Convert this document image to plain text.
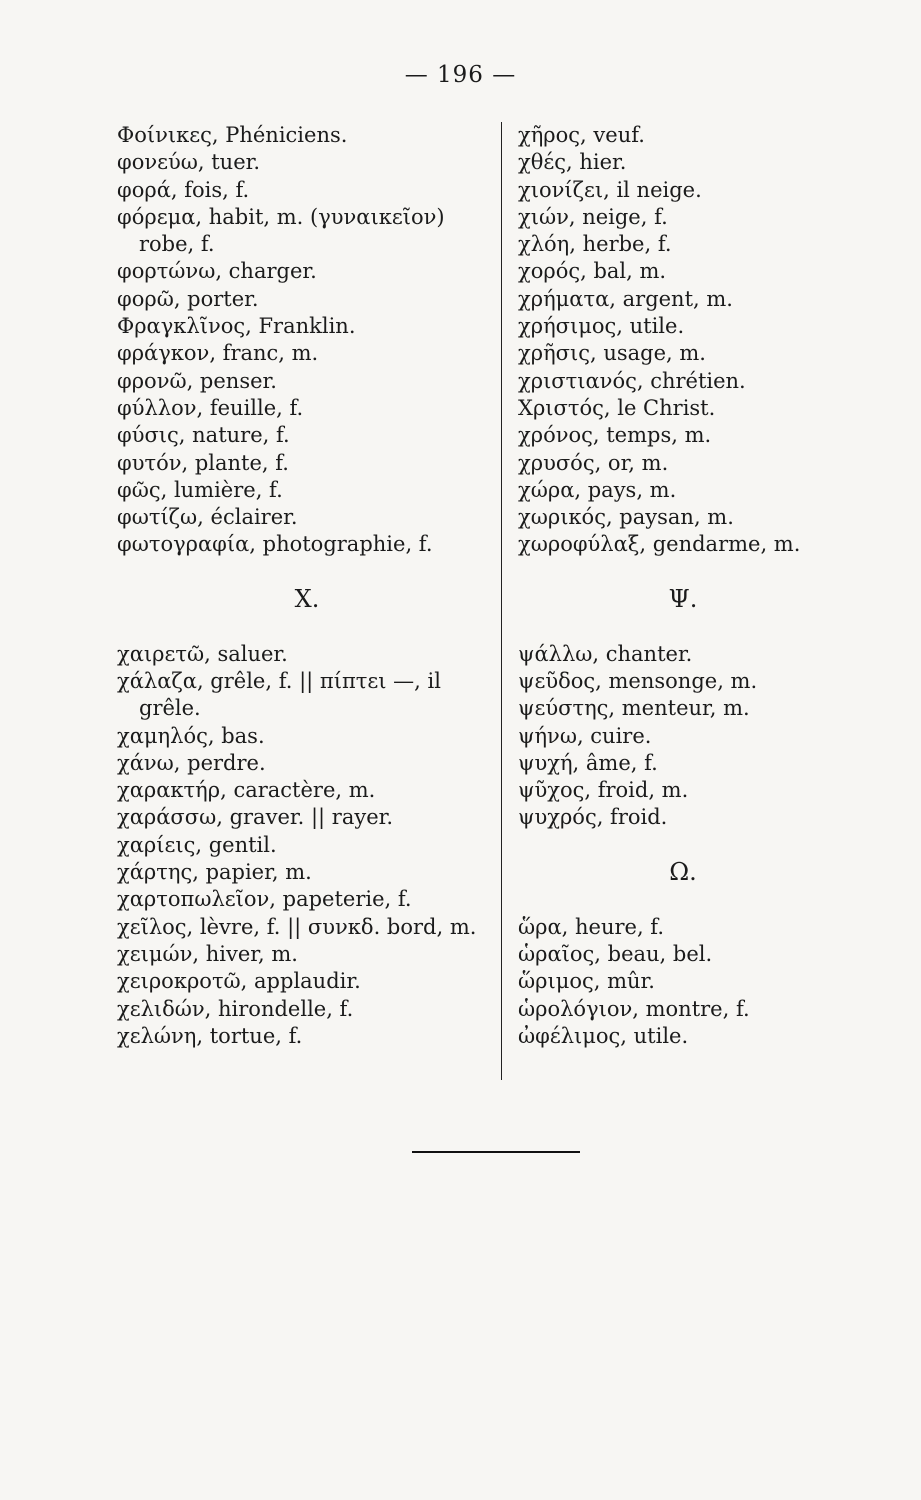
— 196 —
Φοίνικες, Phéniciens.
φονεύω, tuer.
φορά, fois, f.
φόρεμα, habit, m. (γυναικεῖον)
robe, f.
φορτώνω, charger.
φορῶ, porter.
Φραγκλῖνος, Franklin.
φράγκον, franc, m.
φρονῶ, penser.
φύλλον, feuille, f.
φύσις, nature, f.
φυτόν, plante, f.
φῶς, lumière, f.
φωτίζω, éclairer.
φωτογραφία, photographie, f.
X.
χαιρετῶ, saluer.
χάλαζα, grêle, f. || πίπτει —, il
grêle.
χαμηλός, bas.
χάνω, perdre.
χαρακτήρ, caractère, m.
χαράσσω, graver. || rayer.
χαρίεις, gentil.
χάρτης, papier, m.
χαρτοπωλεῖον, papeterie, f.
χεῖλος, lèvre, f. || συνκδ. bord, m.
χειμών, hiver, m.
χειροκροτῶ, applaudir.
χελιδών, hirondelle, f.
χελώνη, tortue, f.
χῆρος, veuf.
χθές, hier.
χιονίζει, il neige.
χιών, neige, f.
χλόη, herbe, f.
χορός, bal, m.
χρήματα, argent, m.
χρήσιμος, utile.
χρῆσις, usage, m.
χριστιανός, chrétien.
Χριστός, le Christ.
χρόνος, temps, m.
χρυσός, or, m.
χώρα, pays, m.
χωρικός, paysan, m.
χωροφύλαξ, gendarme, m.
Ψ.
ψάλλω, chanter.
ψεῦδος, mensonge, m.
ψεύστης, menteur, m.
ψήνω, cuire.
ψυχή, âme, f.
ψῦχος, froid, m.
ψυχρός, froid.
Ω.
ὥρα, heure, f.
ὡραῖος, beau, bel.
ὥριμος, mûr.
ὡρολόγιον, montre, f.
ὠφέλιμος, utile.
